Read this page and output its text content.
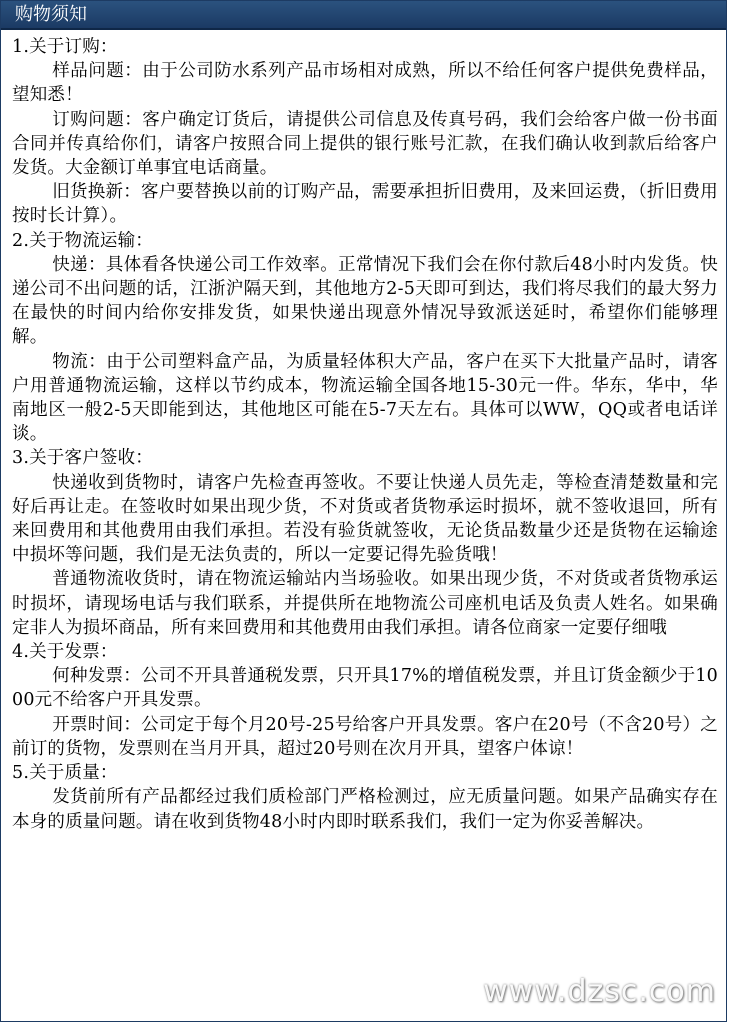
购物须知
1.关于订购：
样品问题：由于公司防水系列产品市场相对成熟，所以不给任何客户提供免费样品，望知悉！
订购问题：客户确定订货后，请提供公司信息及传真号码，我们会给客户做一份书面合同并传真给你们，请客户按照合同上提供的银行账号汇款，在我们确认收到款后给客户发货。大金额订单事宜电话商量。
旧货换新：客户要替换以前的订购产品，需要承担折旧费用，及来回运费，（折旧费用按时长计算）。
2.关于物流运输：
快递：具体看各快递公司工作效率。正常情况下我们会在你付款后48小时内发货。快递公司不出问题的话，江浙沪隔天到，其他地方2-5天即可到达，我们将尽我们的最大努力在最快的时间内给你安排发货，如果快递出现意外情况导致派送延时，希望你们能够理解。
物流：由于公司塑料盒产品，为质量轻体积大产品，客户在买下大批量产品时，请客户用普通物流运输，这样以节约成本，物流运输全国各地15-30元一件。华东，华中，华南地区一般2-5天即能到达，其他地区可能在5-7天左右。具体可以WW，QQ或者电话详谈。
3.关于客户签收：
快递收到货物时，请客户先检查再签收。不要让快递人员先走，等检查清楚数量和完好后再让走。在签收时如果出现少货，不对货或者货物承运时损坏，就不签收退回，所有来回费用和其他费用由我们承担。若没有验货就签收，无论货品数量少还是货物在运输途中损坏等问题，我们是无法负责的，所以一定要记得先验货哦！
普通物流收货时，请在物流运输站内当场验收。如果出现少货，不对货或者货物承运时损坏，请现场电话与我们联系，并提供所在地物流公司座机电话及负责人姓名。如果确定非人为损坏商品，所有来回费用和其他费用由我们承担。请各位商家一定要仔细哦
4.关于发票：
何种发票：公司不开具普通税发票，只开具17%的增值税发票，并且订货金额少于1000元不给客户开具发票。
开票时间：公司定于每个月20号-25号给客户开具发票。客户在20号（不含20号）之前订的货物，发票则在当月开具，超过20号则在次月开具，望客户体谅！
5.关于质量：
发货前所有产品都经过我们质检部门严格检测过，应无质量问题。如果产品确实存在本身的质量问题。请在收到货物48小时内即时联系我们，我们一定为你妥善解决。
www.dzsc.com
